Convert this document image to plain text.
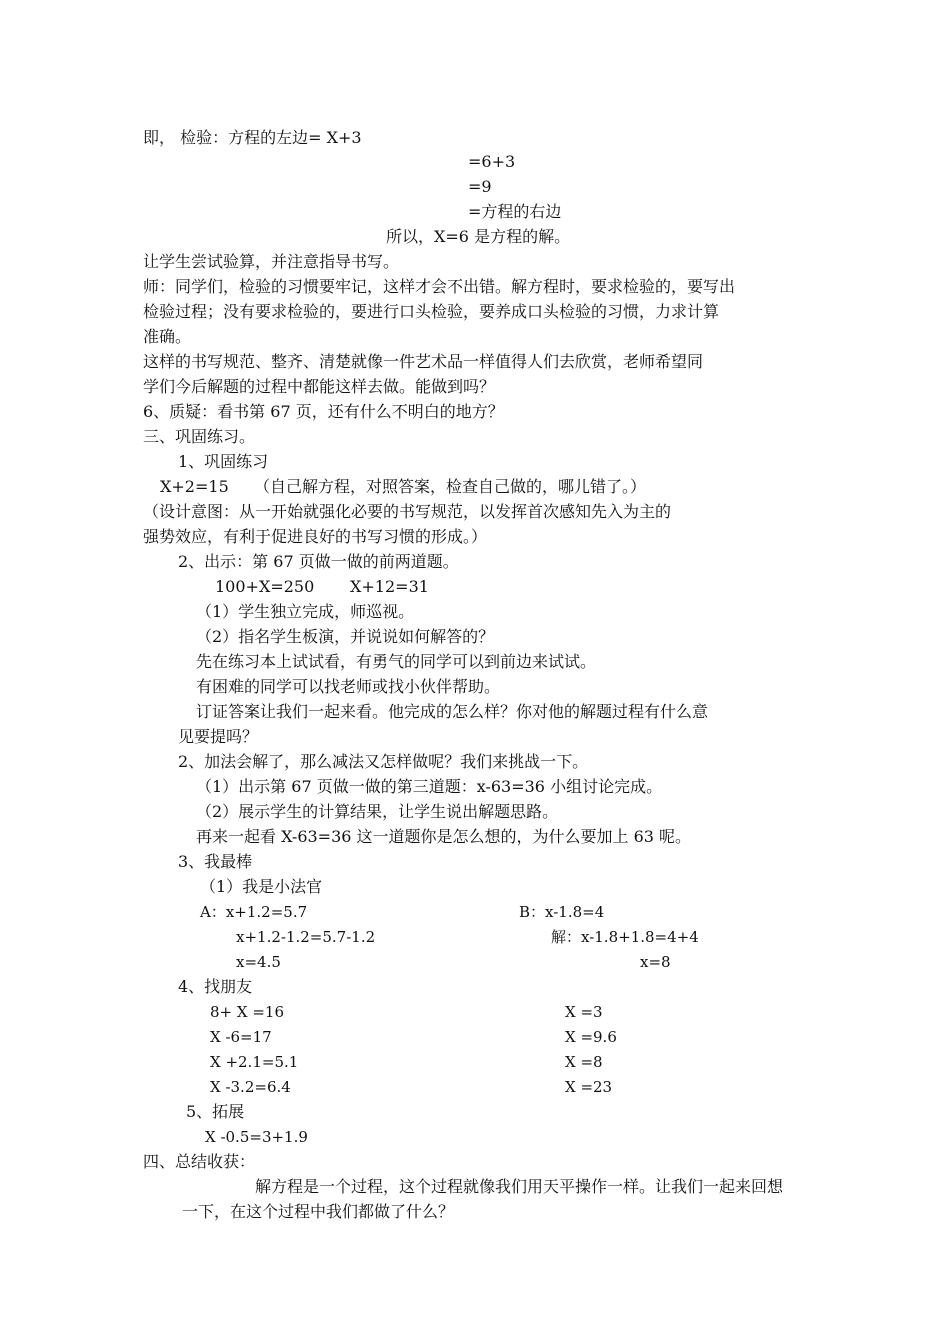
即， 检验：方程的左边= X+3
=6+3
=9
=方程的右边
所以，X=6 是方程的解。
让学生尝试验算，并注意指导书写。
师：同学们，检验的习惯要牢记，这样才会不出错。解方程时，要求检验的，要写出
检验过程；没有要求检验的，要进行口头检验，要养成口头检验的习惯，力求计算
准确。
这样的书写规范、整齐、清楚就像一件艺术品一样值得人们去欣赏，老师希望同
学们今后解题的过程中都能这样去做。能做到吗？
6、质疑：看书第 67 页，还有什么不明白的地方？
三、巩固练习。
1、巩固练习
X+2=15 （自己解方程，对照答案，检查自己做的，哪儿错了。）
（设计意图：从一开始就强化必要的书写规范，以发挥首次感知先入为主的
强势效应，有利于促进良好的书写习惯的形成。）
2、出示：第 67 页做一做的前两道题。
100+X=250 X+12=31
（1）学生独立完成，师巡视。
（2）指名学生板演，并说说如何解答的？
先在练习本上试试看，有勇气的同学可以到前边来试试。
有困难的同学可以找老师或找小伙伴帮助。
订证答案让我们一起来看。他完成的怎么样？你对他的解题过程有什么意
见要提吗？
2、加法会解了，那么减法又怎样做呢？我们来挑战一下。
（1）出示第 67 页做一做的第三道题：x-63=36 小组讨论完成。
（2）展示学生的计算结果，让学生说出解题思路。
再来一起看 X-63=36 这一道题你是怎么想的，为什么要加上 63 呢。
3、我最棒
（1）我是小法官
A：x+1.2=5.7	B：x-1.8=4
x+1.2-1.2=5.7-1.2	解：x-1.8+1.8=4+4
x=4.5	x=8
4、找朋友
8+ X =16	X =3
X -6=17	X =9.6
X +2.1=5.1	X =8
X -3.2=6.4	X =23
5、拓展
X -0.5=3+1.9
四、总结收获：
解方程是一个过程，这个过程就像我们用天平操作一样。让我们一起来回想
一下，在这个过程中我们都做了什么？
